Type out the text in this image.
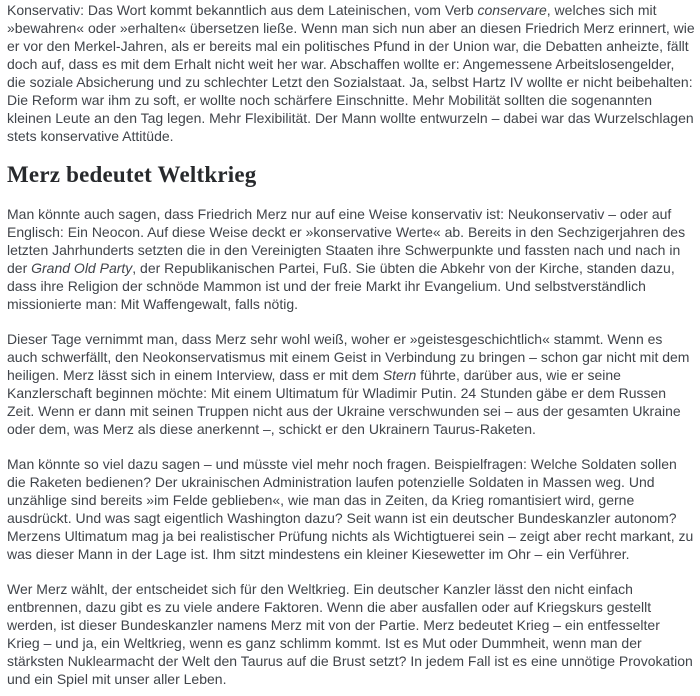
Konservativ: Das Wort kommt bekanntlich aus dem Lateinischen, vom Verb conservare, welches sich mit »bewahren« oder »erhalten« übersetzen ließe. Wenn man sich nun aber an diesen Friedrich Merz erinnert, wie er vor den Merkel-Jahren, als er bereits mal ein politisches Pfund in der Union war, die Debatten anheizte, fällt doch auf, dass es mit dem Erhalt nicht weit her war. Abschaffen wollte er: Angemessene Arbeitslosengelder, die soziale Absicherung und zu schlechter Letzt den Sozialstaat. Ja, selbst Hartz IV wollte er nicht beibehalten: Die Reform war ihm zu soft, er wollte noch schärfere Einschnitte. Mehr Mobilität sollten die sogenannten kleinen Leute an den Tag legen. Mehr Flexibilität. Der Mann wollte entwurzeln – dabei war das Wurzelschlagen stets konservative Attitüde.

Merz bedeutet Weltkrieg

Man könnte auch sagen, dass Friedrich Merz nur auf eine Weise konservativ ist: Neukonservativ – oder auf Englisch: Ein Neocon. Auf diese Weise deckt er »konservative Werte« ab. Bereits in den Sechzigerjahren des letzten Jahrhunderts setzten die in den Vereinigten Staaten ihre Schwerpunkte und fassten nach und nach in der Grand Old Party, der Republikanischen Partei, Fuß. Sie übten die Abkehr von der Kirche, standen dazu, dass ihre Religion der schnöde Mammon ist und der freie Markt ihr Evangelium. Und selbstverständlich missionierte man: Mit Waffengewalt, falls nötig.

Dieser Tage vernimmt man, dass Merz sehr wohl weiß, woher er »geistesgeschichtlich« stammt. Wenn es auch schwerfällt, den Neokonservatismus mit einem Geist in Verbindung zu bringen – schon gar nicht mit dem heiligen. Merz lässt sich in einem Interview, dass er mit dem Stern führte, darüber aus, wie er seine Kanzlerschaft beginnen möchte: Mit einem Ultimatum für Wladimir Putin. 24 Stunden gäbe er dem Russen Zeit. Wenn er dann mit seinen Truppen nicht aus der Ukraine verschwunden sei – aus der gesamten Ukraine oder dem, was Merz als diese anerkennt –, schickt er den Ukrainern Taurus-Raketen.

Man könnte so viel dazu sagen – und müsste viel mehr noch fragen. Beispielfragen: Welche Soldaten sollen die Raketen bedienen? Der ukrainischen Administration laufen potenzielle Soldaten in Massen weg. Und unzählige sind bereits »im Felde geblieben«, wie man das in Zeiten, da Krieg romantisiert wird, gerne ausdrückt. Und was sagt eigentlich Washington dazu? Seit wann ist ein deutscher Bundeskanzler autonom? Merzens Ultimatum mag ja bei realistischer Prüfung nichts als Wichtigtuerei sein – zeigt aber recht markant, zu was dieser Mann in der Lage ist. Ihm sitzt mindestens ein kleiner Kiesewetter im Ohr – ein Verführer.

Wer Merz wählt, der entscheidet sich für den Weltkrieg. Ein deutscher Kanzler lässt den nicht einfach entbrennen, dazu gibt es zu viele andere Faktoren. Wenn die aber ausfallen oder auf Kriegskurs gestellt werden, ist dieser Bundeskanzler namens Merz mit von der Partie. Merz bedeutet Krieg – ein entfesselter Krieg – und ja, ein Weltkrieg, wenn es ganz schlimm kommt. Ist es Mut oder Dummheit, wenn man der stärksten Nuklearmacht der Welt den Taurus auf die Brust setzt? In jedem Fall ist es eine unnötige Provokation und ein Spiel mit unser aller Leben.
